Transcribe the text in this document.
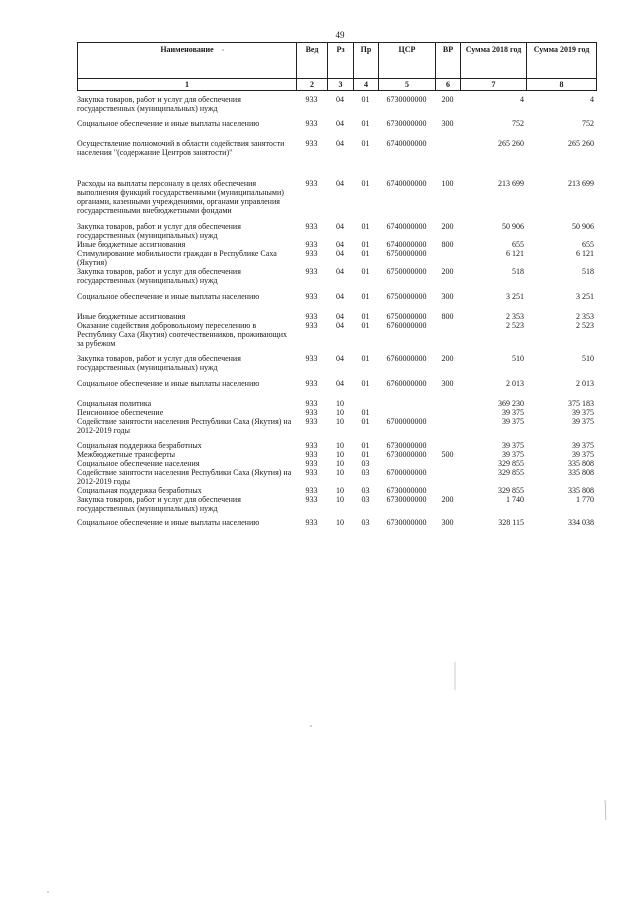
49
Наименование	Вед	Рз	Пр	ЦСР	ВР	Сумма 2018 год	Сумма 2019 год
1	2	3	4	5	6	7	8
Закупка товаров, работ и услуг для обеспечения государственных (муниципальных) нужд	933	04	01	6730000000	200	4	4
Социальное обеспечение и иные выплаты населению	933	04	01	6730000000	300	752	752
Осуществление полномочий в области содействия занятости населения "(содержание Центров занятости)"	933	04	01	6740000000		265 260	265 260
Расходы на выплаты персоналу в целях обеспечения выполнения функций государственными (муниципальными) органами, казенными учреждениями, органами управления государственными внебюджетными фондами	933	04	01	6740000000	100	213 699	213 699
Закупка товаров, работ и услуг для обеспечения государственных (муниципальных) нужд	933	04	01	6740000000	200	50 906	50 906
Иные бюджетные ассигнования	933	04	01	6740000000	800	655	655
Стимулирование мобильности граждан в Республике Саха (Якутия)	933	04	01	6750000000		6 121	6 121
Закупка товаров, работ и услуг для обеспечения государственных (муниципальных) нужд	933	04	01	6750000000	200	518	518
Социальное обеспечение и иные выплаты населению	933	04	01	6750000000	300	3 251	3 251
Иные бюджетные ассигнования	933	04	01	6750000000	800	2 353	2 353
Оказание содействия добровольному переселению в Республику Саха (Якутия) соотечественников, проживающих за рубежом	933	04	01	6760000000		2 523	2 523
Закупка товаров, работ и услуг для обеспечения государственных (муниципальных) нужд	933	04	01	6760000000	200	510	510
Социальное обеспечение и иные выплаты населению	933	04	01	6760000000	300	2 013	2 013
Социальная политика	933	10				369 230	375 183
Пенсионное обеспечение	933	10	01			39 375	39 375
Содействие занятости населения Республики Саха (Якутия) на 2012-2019 годы	933	10	01	6700000000		39 375	39 375
Социальная поддержка безработных	933	10	01	6730000000		39 375	39 375
Межбюджетные трансферты	933	10	01	6730000000	500	39 375	39 375
Социальное обеспечение населения	933	10	03			329 855	335 808
Содействие занятости населения Республики Саха (Якутия) на 2012-2019 годы	933	10	03	6700000000		329 855	335 808
Социальная поддержка безработных	933	10	03	6730000000		329 855	335 808
Закупка товаров, работ и услуг для обеспечения государственных (муниципальных) нужд	933	10	03	6730000000	200	1 740	1 770
Социальное обеспечение и иные выплаты населению	933	10	03	6730000000	300	328 115	334 038
